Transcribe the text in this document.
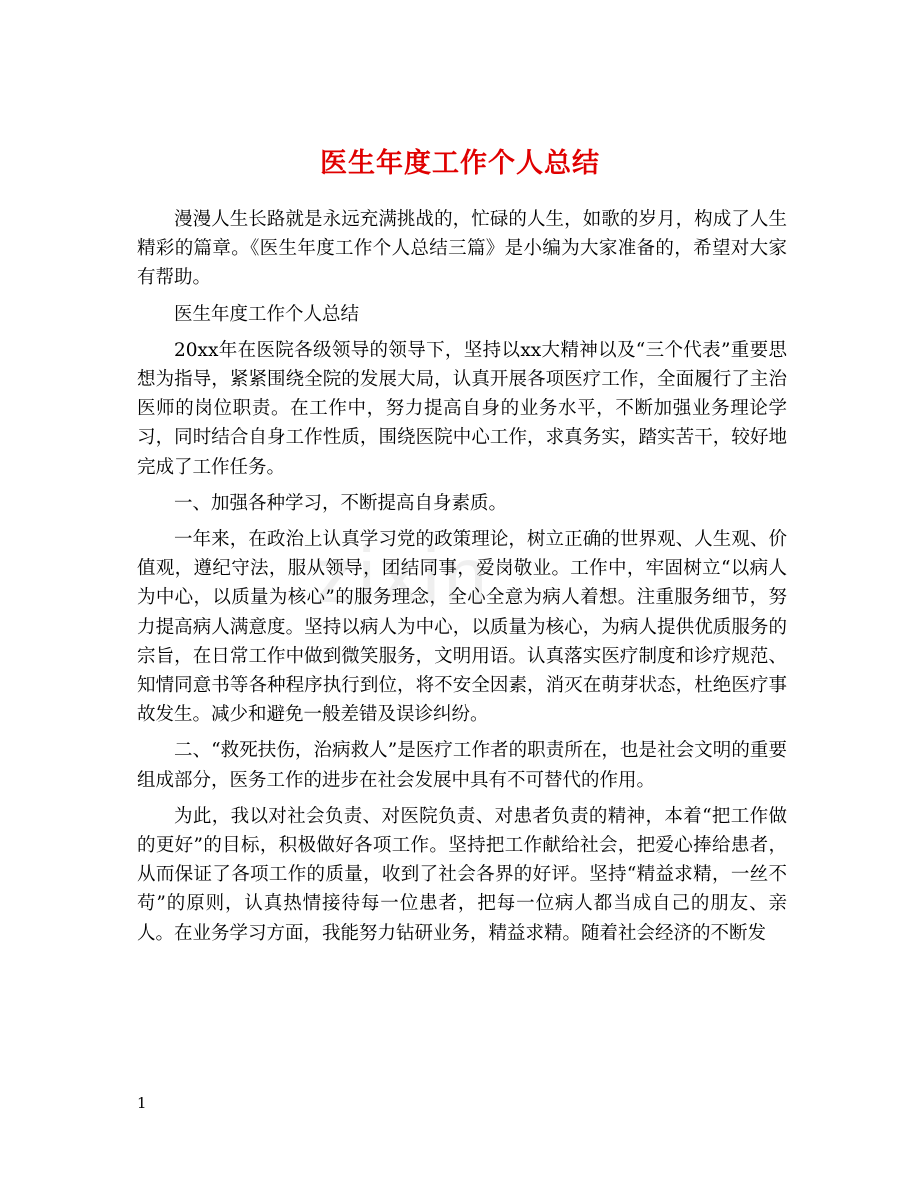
zixin
医生年度工作个人总结

漫漫人生长路就是永远充满挑战的，忙碌的人生，如歌的岁月，构成了人生精彩的篇章。《医生年度工作个人总结三篇》是小编为大家准备的，希望对大家有帮助。

医生年度工作个人总结

20xx年在医院各级领导的领导下，坚持以xx大精神以及“三个代表”重要思想为指导，紧紧围绕全院的发展大局，认真开展各项医疗工作，全面履行了主治医师的岗位职责。在工作中，努力提高自身的业务水平，不断加强业务理论学习，同时结合自身工作性质，围绕医院中心工作，求真务实，踏实苦干，较好地完成了工作任务。

一、加强各种学习，不断提高自身素质。

一年来，在政治上认真学习党的政策理论，树立正确的世界观、人生观、价值观，遵纪守法，服从领导，团结同事，爱岗敬业。工作中，牢固树立“以病人为中心，以质量为核心”的服务理念，全心全意为病人着想。注重服务细节，努力提高病人满意度。坚持以病人为中心，以质量为核心，为病人提供优质服务的宗旨，在日常工作中做到微笑服务，文明用语。认真落实医疗制度和诊疗规范、知情同意书等各种程序执行到位，将不安全因素，消灭在萌芽状态，杜绝医疗事故发生。减少和避免一般差错及误诊纠纷。

二、“救死扶伤，治病救人”是医疗工作者的职责所在，也是社会文明的重要组成部分，医务工作的进步在社会发展中具有不可替代的作用。

为此，我以对社会负责、对医院负责、对患者负责的精神，本着“把工作做的更好”的目标，积极做好各项工作。坚持把工作献给社会，把爱心捧给患者，从而保证了各项工作的质量，收到了社会各界的好评。坚持“精益求精，一丝不苟”的原则，认真热情接待每一位患者，把每一位病人都当成自己的朋友、亲人。在业务学习方面，我能努力钻研业务，精益求精。随着社会经济的不断发

1
